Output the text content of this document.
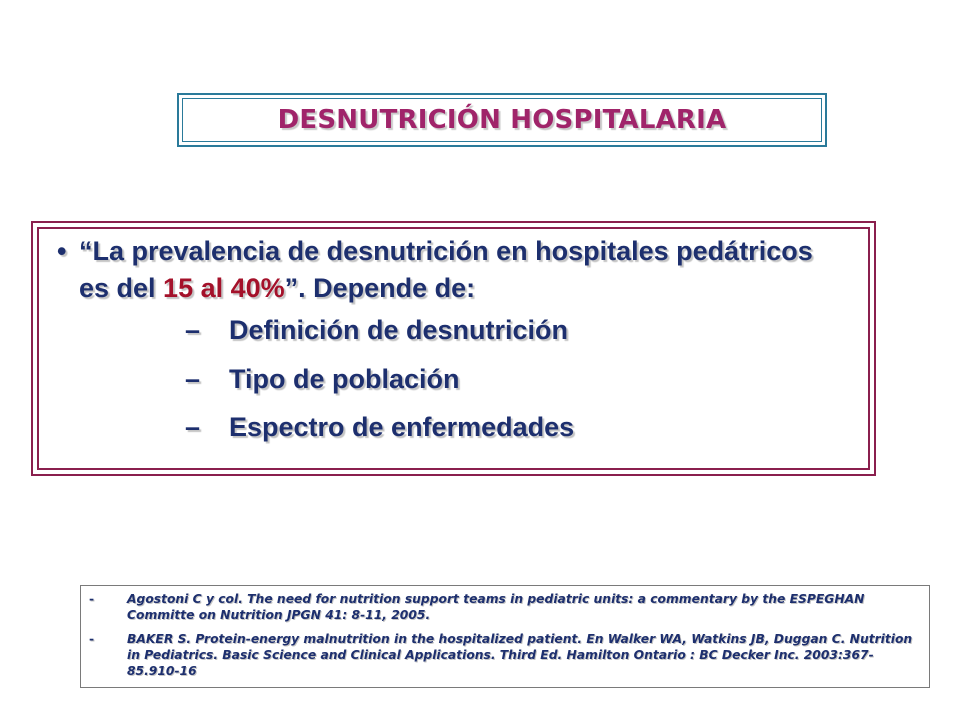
DESNUTRICIÓN HOSPITALARIA
• “La prevalencia de desnutrición en hospitales pedátricos es del 15 al 40%”. Depende de:
– Definición de desnutrición
– Tipo de población
– Espectro de enfermedades
-	Agostoni C y col. The need for nutrition support teams in pediatric units: a commentary by the ESPEGHAN Committe on Nutrition JPGN 41: 8-11, 2005.
-	BAKER S. Protein-energy malnutrition in the hospitalized patient. En Walker WA, Watkins JB, Duggan C. Nutrition in Pediatrics. Basic Science and Clinical Applications. Third Ed. Hamilton Ontario : BC Decker Inc. 2003:367-85.910-16
